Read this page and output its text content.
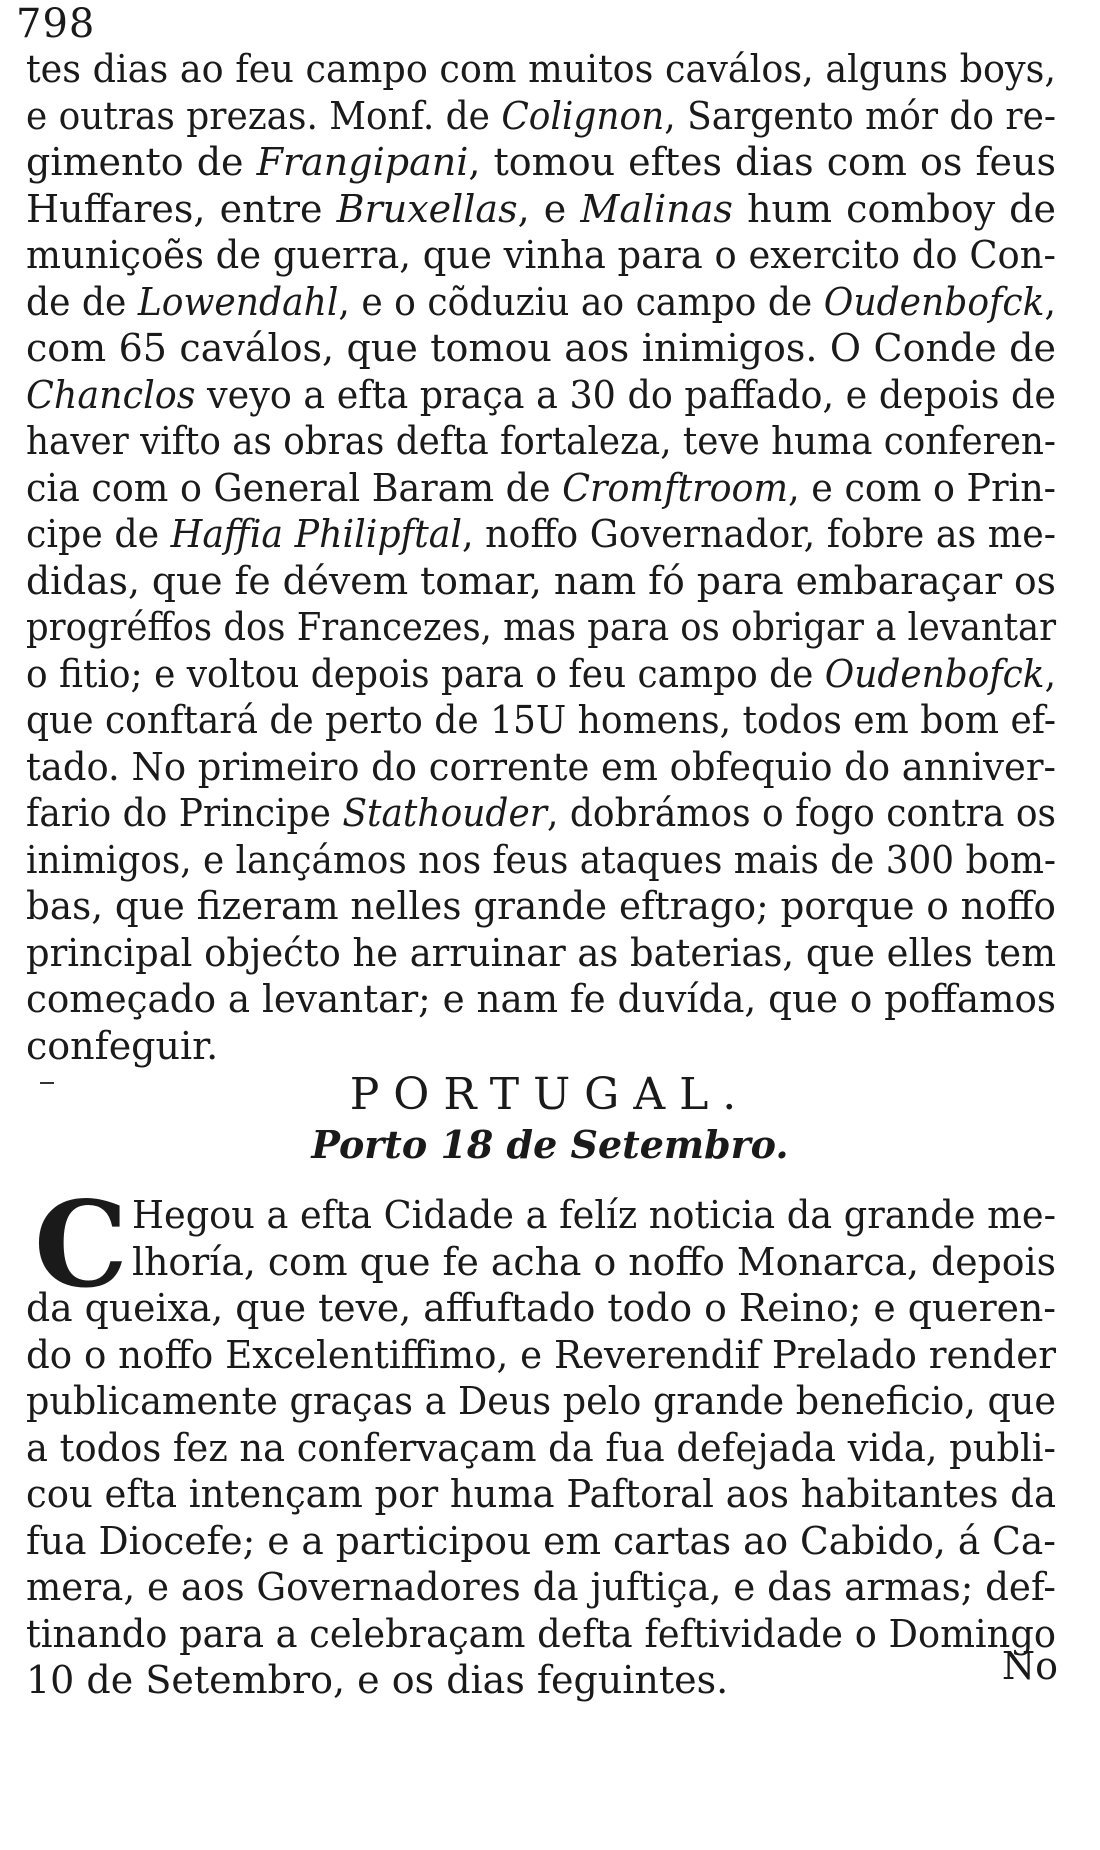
798
tes dias ao feu campo com muitos caválos, alguns boys,
e outras prezas. Monf. de Colignon, Sargento mór do re-
gimento de Frangipani, tomou eftes dias com os feus
Huffares, entre Bruxellas, e Malinas hum comboy de
muniçoẽs de guerra, que vinha para o exercito do Con-
de de Lowendahl, e o cõduziu ao campo de Oudenbofck,
com 65 caválos, que tomou aos inimigos. O Conde de
Chanclos veyo a efta praça a 30 do paffado, e depois de
haver vifto as obras defta fortaleza, teve huma conferen-
cia com o General Baram de Cromftroom, e com o Prin-
cipe de Haffia Philipftal, noffo Governador, fobre as me-
didas, que fe dévem tomar, nam fó para embaraçar os
progréffos dos Francezes, mas para os obrigar a levantar
o fitio; e voltou depois para o feu campo de Oudenbofck,
que conftará de perto de 15U homens, todos em bom ef-
tado. No primeiro do corrente em obfequio do anniver-
fario do Principe Stathouder, dobrámos o fogo contra os
inimigos, e lançámos nos feus ataques mais de 300 bom-
bas, que fizeram nelles grande eftrago; porque o noffo
principal objećto he arruinar as baterias, que elles tem
começado a levantar; e nam fe duvída, que o poffamos
confeguir.
PORTUGAL.
Porto 18 de Setembro.
C Hegou a efta Cidade a felíz noticia da grande me-
lhoría, com que fe acha o noffo Monarca, depois
da queixa, que teve, affuftado todo o Reino; e queren-
do o noffo Excelentiffimo, e Reverendif Prelado render
publicamente graças a Deus pelo grande beneficio, que
a todos fez na confervaçam da fua defejada vida, publi-
cou efta intençam por huma Paftoral aos habitantes da
fua Diocefe; e a participou em cartas ao Cabido, á Ca-
mera, e aos Governadores da juftiça, e das armas; def-
tinando para a celebraçam defta feftividade o Domingo
10 de Setembro, e os dias feguintes.	No
